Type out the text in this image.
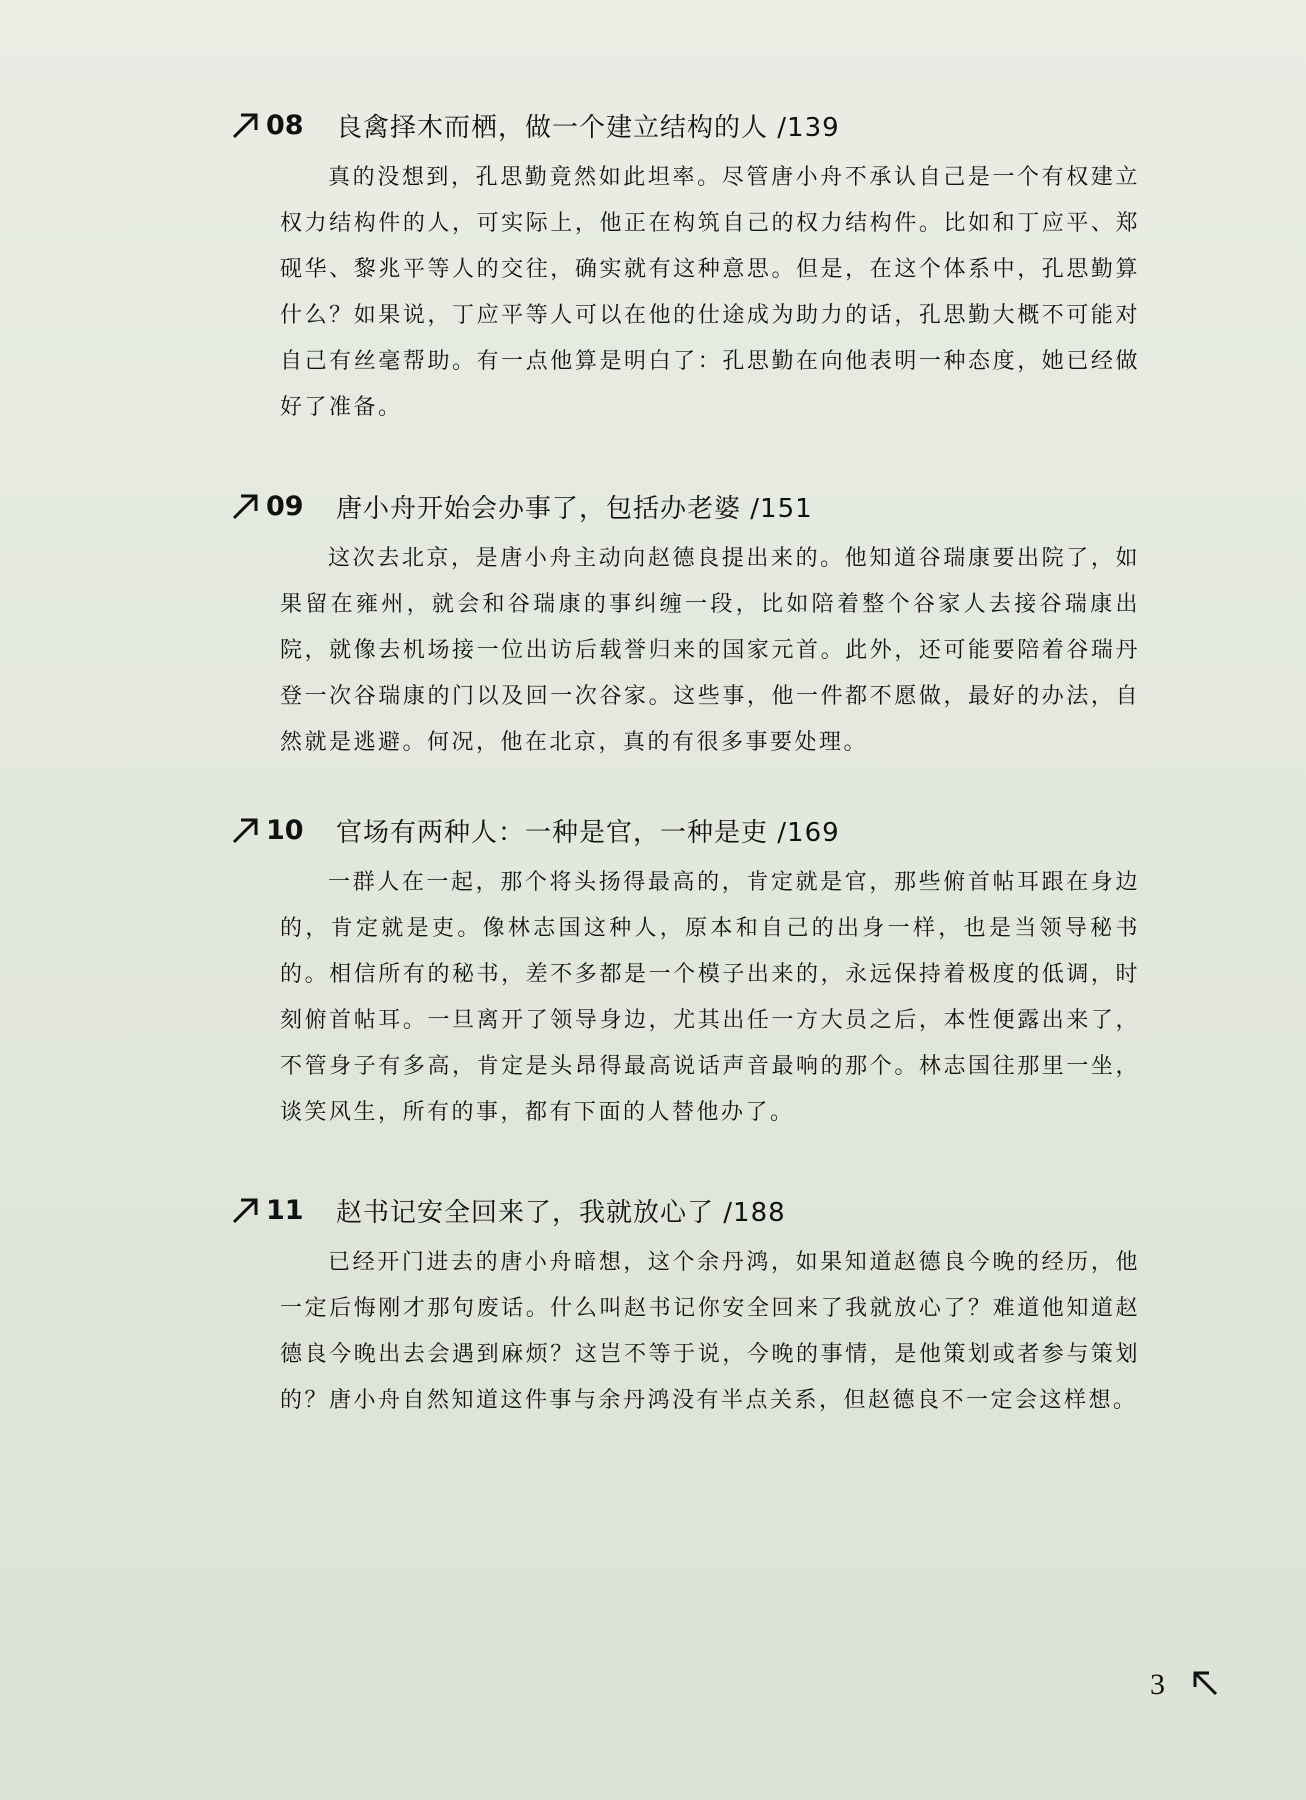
08	良禽择木而栖，做一个建立结构的人 /139

真的没想到，孔思勤竟然如此坦率。尽管唐小舟不承认自己是一个有权建立权力结构件的人，可实际上，他正在构筑自己的权力结构件。比如和丁应平、郑砚华、黎兆平等人的交往，确实就有这种意思。但是，在这个体系中，孔思勤算什么？如果说，丁应平等人可以在他的仕途成为助力的话，孔思勤大概不可能对自己有丝毫帮助。有一点他算是明白了：孔思勤在向他表明一种态度，她已经做好了准备。

09	唐小舟开始会办事了，包括办老婆 /151

这次去北京，是唐小舟主动向赵德良提出来的。他知道谷瑞康要出院了，如果留在雍州，就会和谷瑞康的事纠缠一段，比如陪着整个谷家人去接谷瑞康出院，就像去机场接一位出访后载誉归来的国家元首。此外，还可能要陪着谷瑞丹登一次谷瑞康的门以及回一次谷家。这些事，他一件都不愿做，最好的办法，自然就是逃避。何况，他在北京，真的有很多事要处理。

10	官场有两种人：一种是官，一种是吏 /169

一群人在一起，那个将头扬得最高的，肯定就是官，那些俯首帖耳跟在身边的，肯定就是吏。像林志国这种人，原本和自己的出身一样，也是当领导秘书的。相信所有的秘书，差不多都是一个模子出来的，永远保持着极度的低调，时刻俯首帖耳。一旦离开了领导身边，尤其出任一方大员之后，本性便露出来了，不管身子有多高，肯定是头昂得最高说话声音最响的那个。林志国往那里一坐，谈笑风生，所有的事，都有下面的人替他办了。

11	赵书记安全回来了，我就放心了 /188

已经开门进去的唐小舟暗想，这个余丹鸿，如果知道赵德良今晚的经历，他一定后悔刚才那句废话。什么叫赵书记你安全回来了我就放心了？难道他知道赵德良今晚出去会遇到麻烦？这岂不等于说，今晚的事情，是他策划或者参与策划的？唐小舟自然知道这件事与余丹鸿没有半点关系，但赵德良不一定会这样想。

3
